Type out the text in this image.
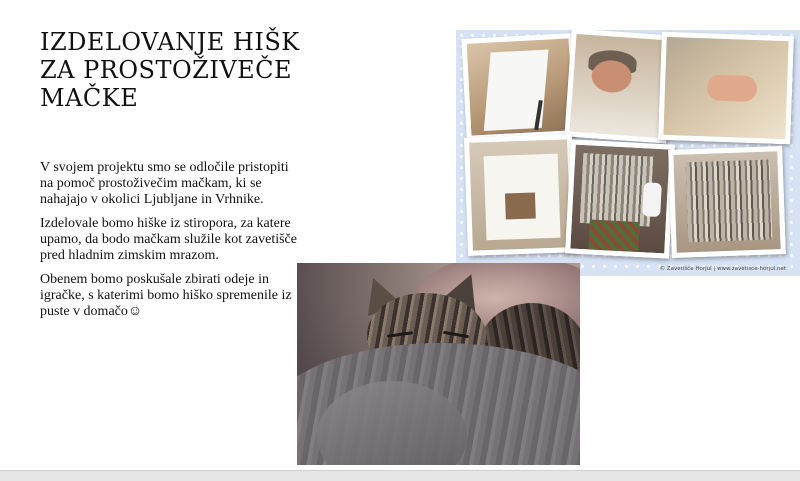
IZDELOVANJE HIŠK ZA PROSTOŽIVEČE MAČKE

V svojem projektu smo se odločile pristopiti na pomoč prostoživečim mačkam, ki se nahajajo v okolici Ljubljane in Vrhnike.

Izdelovale bomo hiške iz stiropora, za katere upamo, da bodo mačkam služile kot zavetišče pred hladnim zimskim mrazom.

Obenem bomo poskušale zbirati odeje in igračke, s katerimi bomo hiško spremenile iz puste v domačo☺

© Zavetišče Horjul | www.zavetisce-horjul.net
